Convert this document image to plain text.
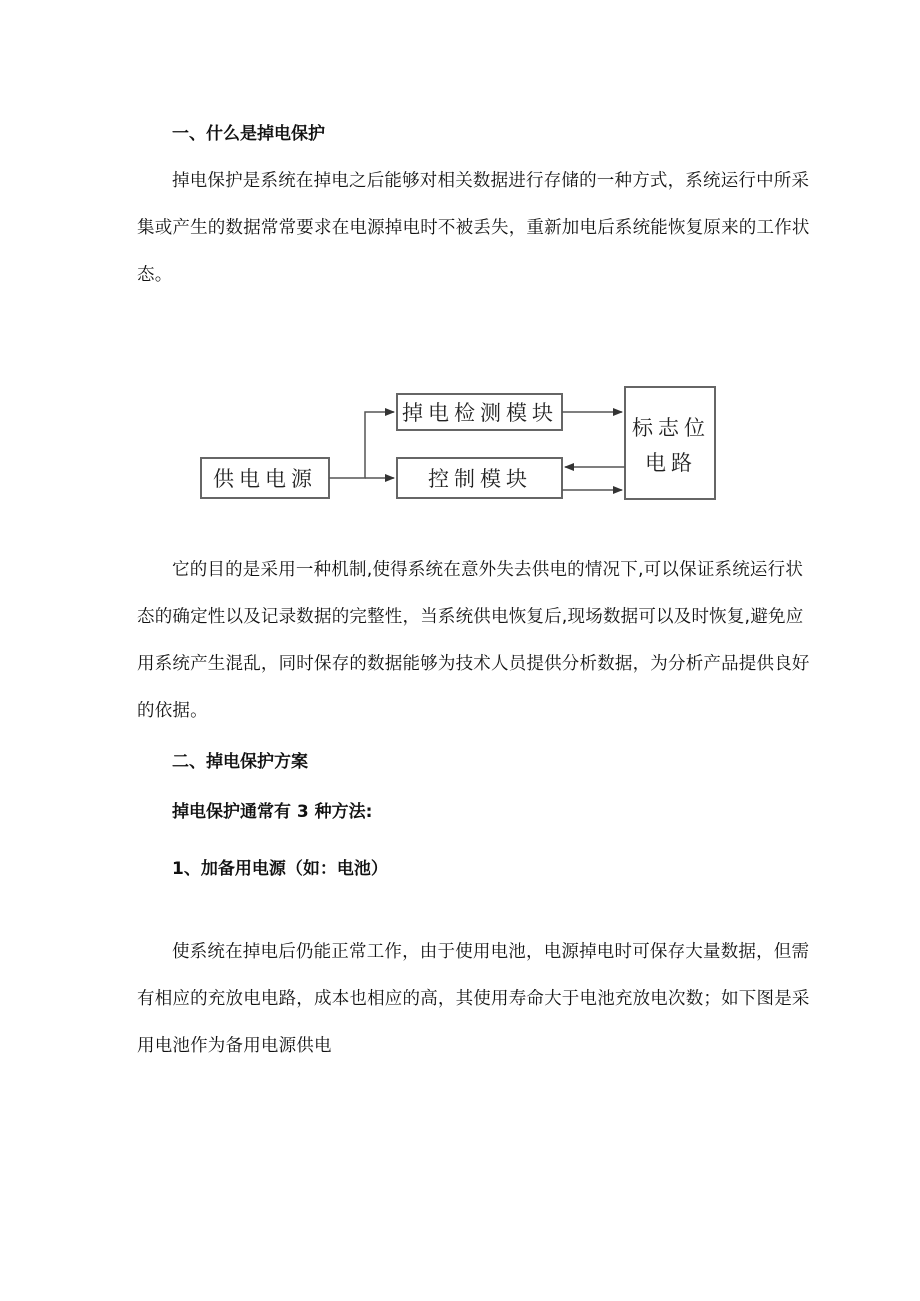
一、什么是掉电保护

掉电保护是系统在掉电之后能够对相关数据进行存储的一种方式，系统运行中所采
集或产生的数据常常要求在电源掉电时不被丢失，重新加电后系统能恢复原来的工作状
态。

供电电源
掉电检测模块
控制模块
标志位
电路

它的目的是采用一种机制,使得系统在意外失去供电的情况下,可以保证系统运行状
态的确定性以及记录数据的完整性，当系统供电恢复后,现场数据可以及时恢复,避免应
用系统产生混乱，同时保存的数据能够为技术人员提供分析数据，为分析产品提供良好
的依据。

二、掉电保护方案
掉电保护通常有 3 种方法:
1、加备用电源（如：电池）

使系统在掉电后仍能正常工作，由于使用电池，电源掉电时可保存大量数据，但需
有相应的充放电电路，成本也相应的高，其使用寿命大于电池充放电次数；如下图是采
用电池作为备用电源供电
